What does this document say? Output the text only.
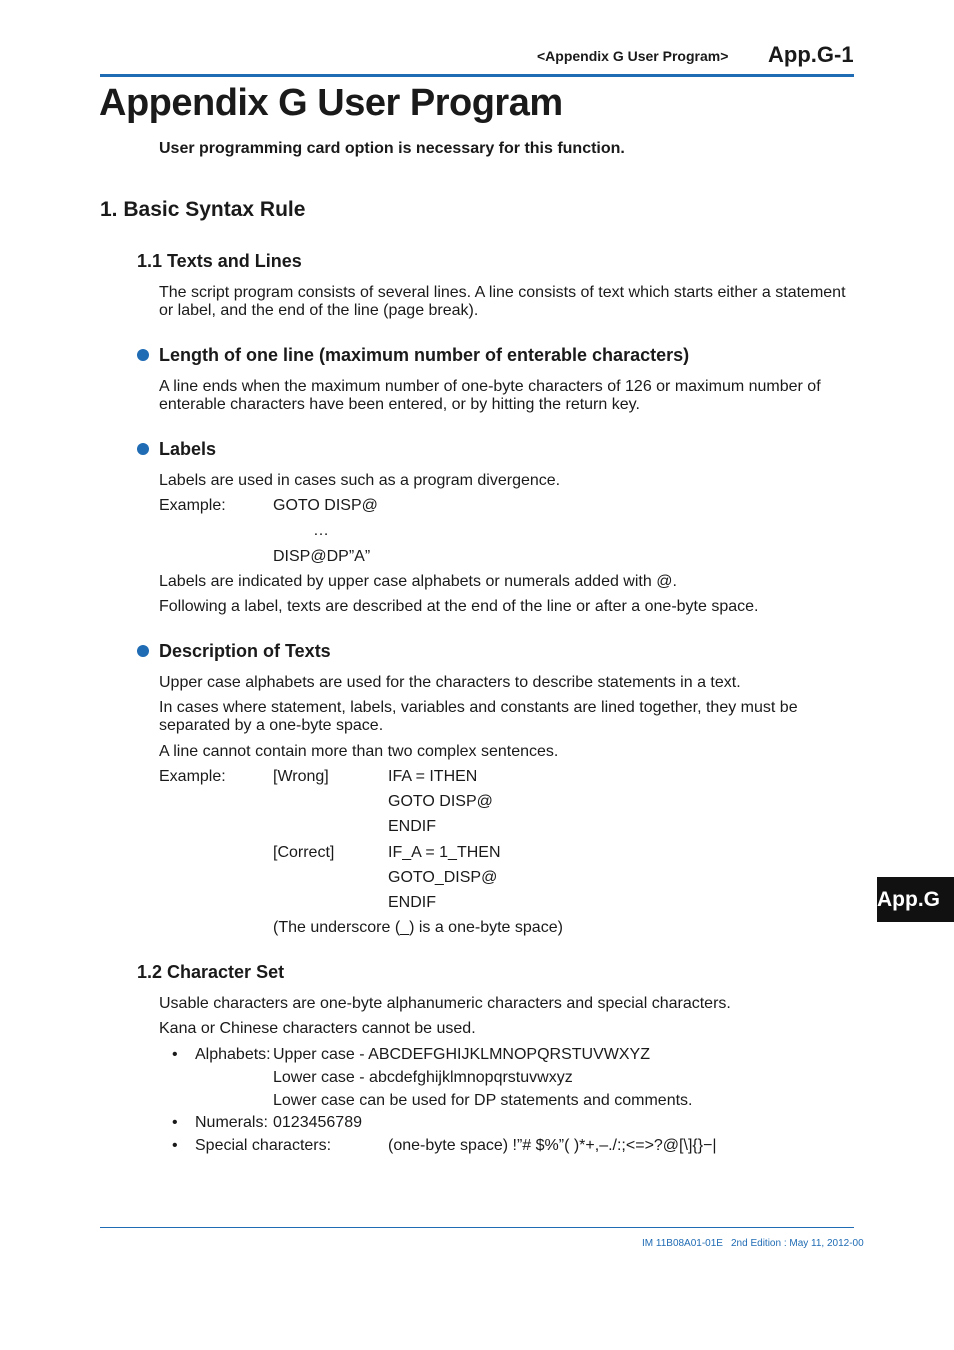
<Appendix G User Program> App.G-1
Appendix G User Program
User programming card option is necessary for this function.
1. Basic Syntax Rule
1.1 Texts and Lines
The script program consists of several lines. A line consists of text which starts either a statement or label, and the end of the line (page break).
Length of one line (maximum number of enterable characters)
A line ends when the maximum number of one-byte characters of 126 or maximum number of enterable characters have been entered, or by hitting the return key.
Labels
Labels are used in cases such as a program divergence.
Example:	GOTO DISP@
…
DISP@DP”A”
Labels are indicated by upper case alphabets or numerals added with @.
Following a label, texts are described at the end of the line or after a one-byte space.
Description of Texts
Upper case alphabets are used for the characters to describe statements in a text.
In cases where statement, labels, variables and constants are lined together, they must be separated by a one-byte space.
A line cannot contain more than two complex sentences.
Example:	[Wrong]	IFA = ITHEN
GOTO DISP@
ENDIF
[Correct]	IF_A = 1_THEN
GOTO_DISP@
ENDIF
(The underscore (_) is a one-byte space)
1.2 Character Set
Usable characters are one-byte alphanumeric characters and special characters.
Kana or Chinese characters cannot be used.
• Alphabets: Upper case - ABCDEFGHIJKLMNOPQRSTUVWXYZ
Lower case - abcdefghijklmnopqrstuvwxyz
Lower case can be used for DP statements and comments.
• Numerals: 0123456789
• Special characters:	(one-byte space) !”# $%”( )*+,–./:;<=>?@[\]{}−|
App.G
IM 11B08A01-01E 2nd Edition : May 11, 2012-00
